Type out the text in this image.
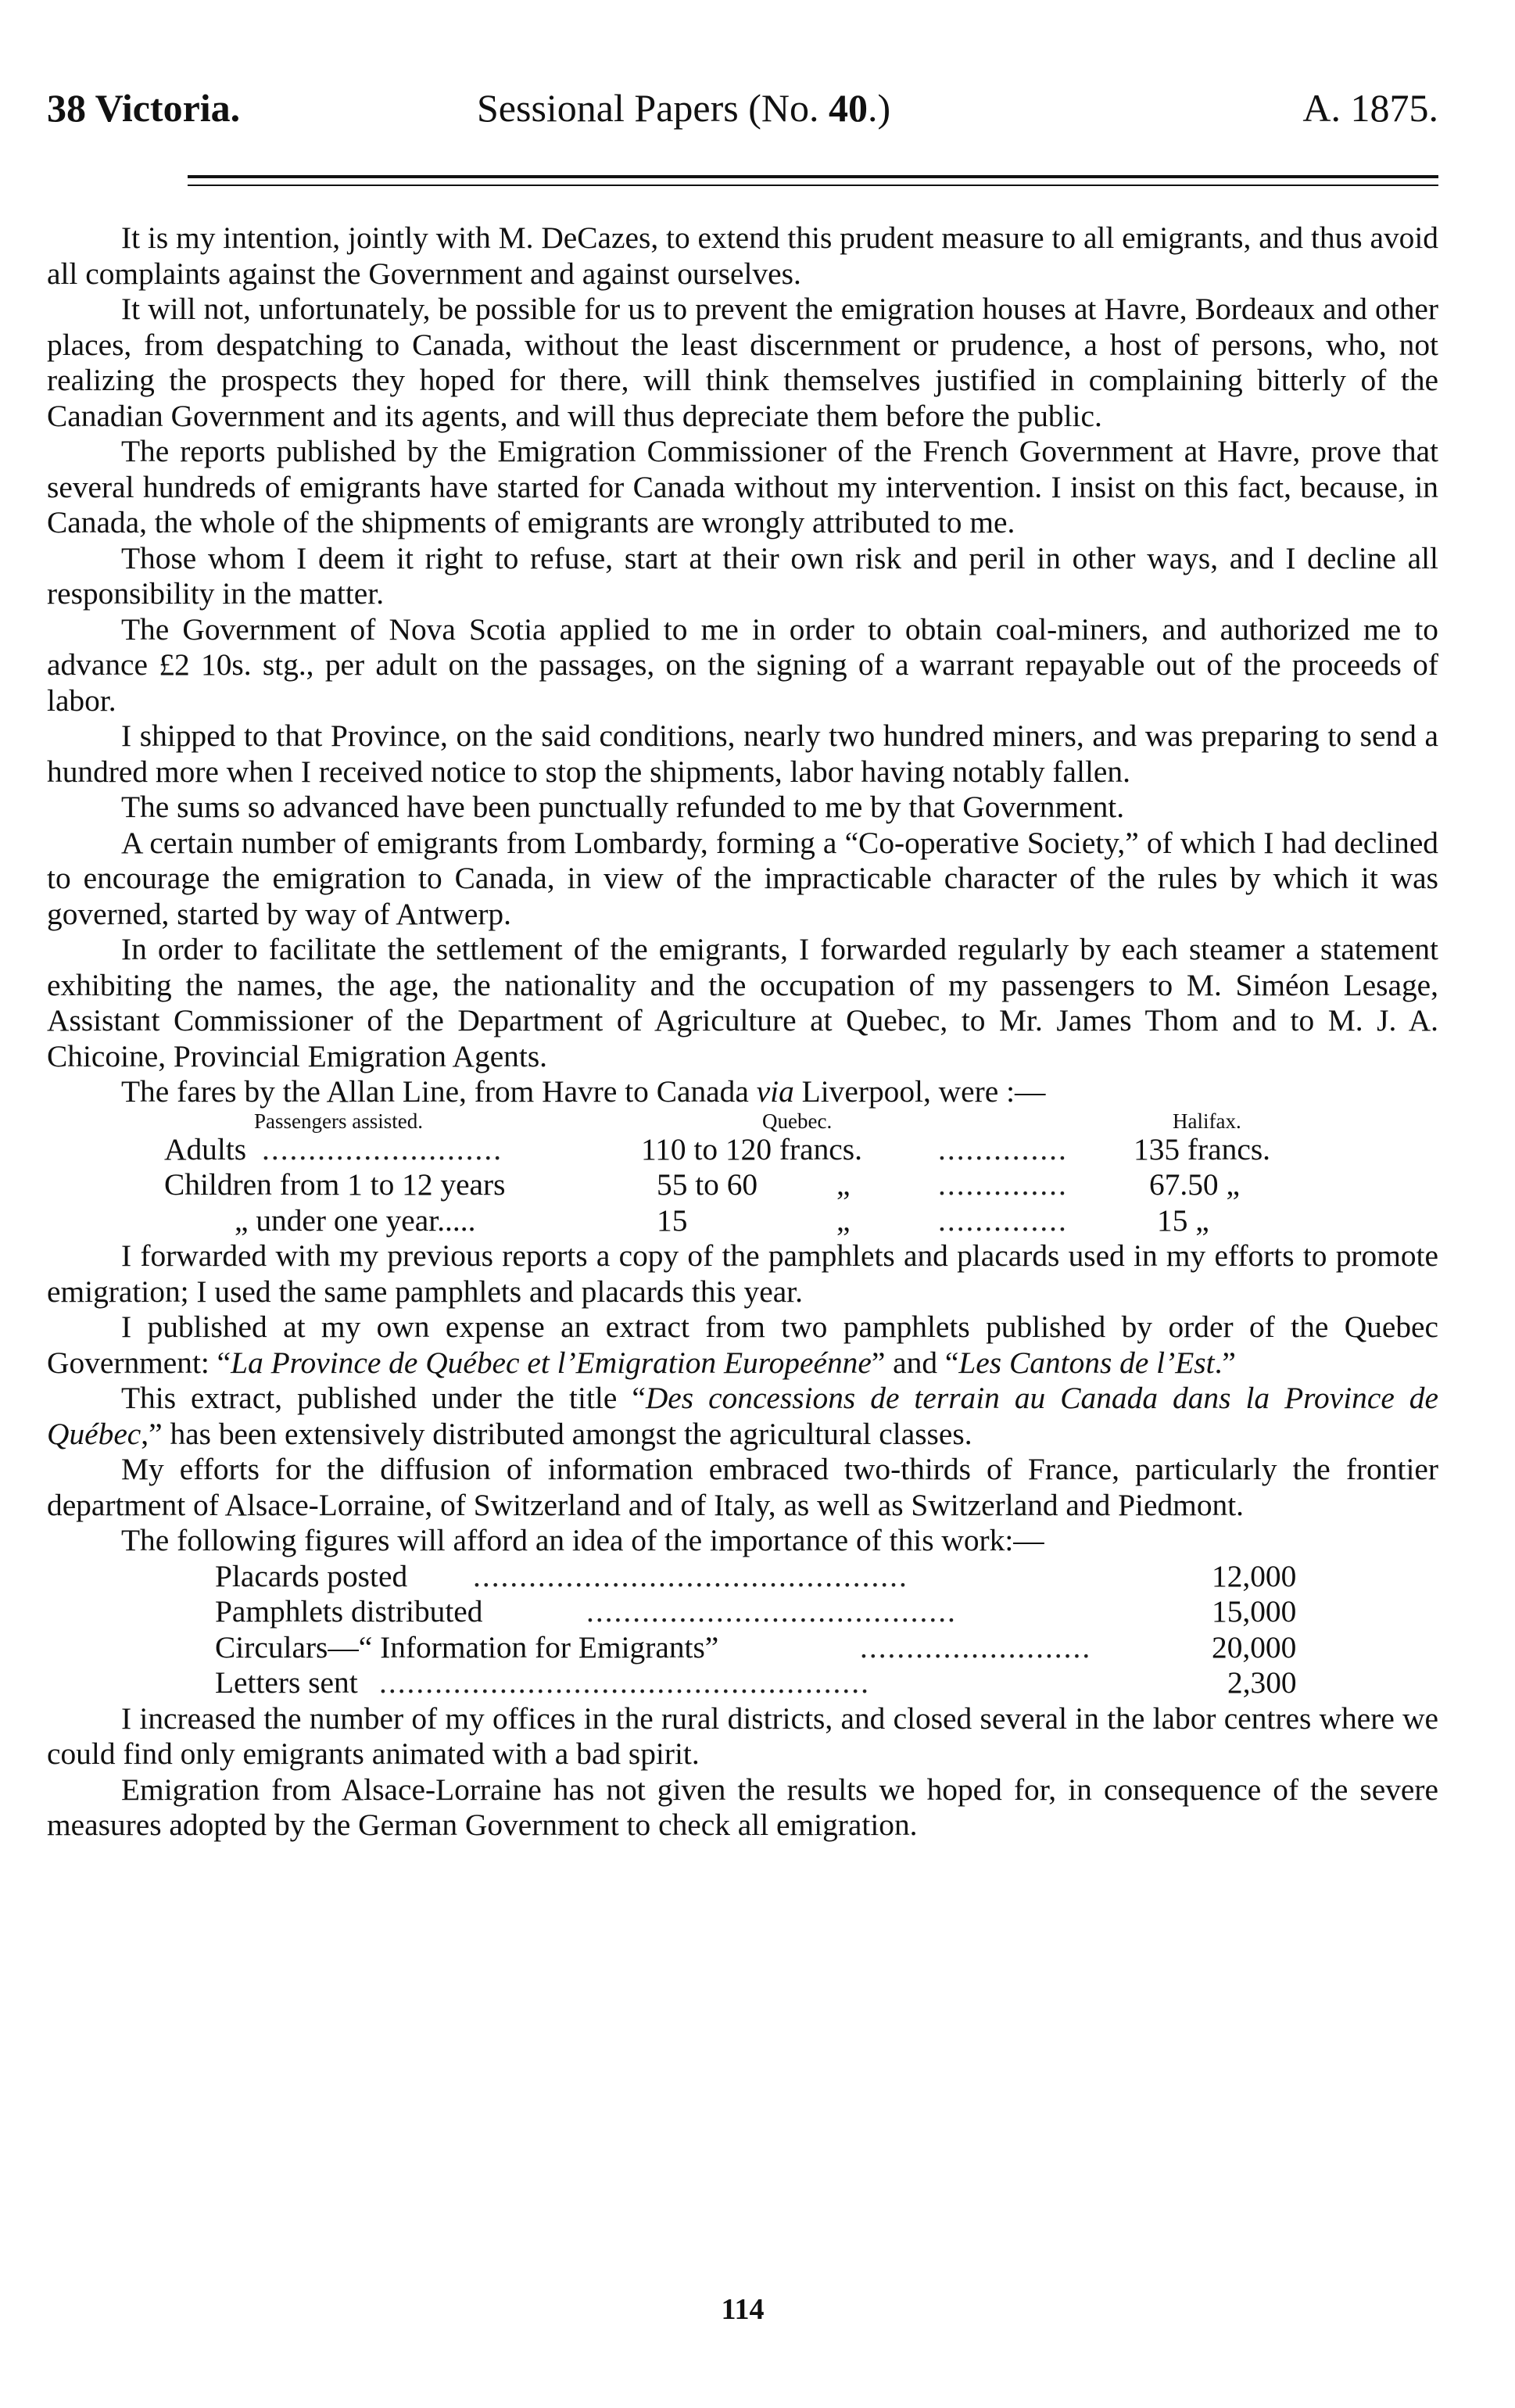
38 Victoria.	Sessional Papers (No. 40.)	A. 1875.

It is my intention, jointly with M. DeCazes, to extend this prudent measure to all emigrants, and thus avoid all complaints against the Government and against ourselves.

It will not, unfortunately, be possible for us to prevent the emigration houses at Havre, Bordeaux and other places, from despatching to Canada, without the least discernment or prudence, a host of persons, who, not realizing the prospects they hoped for there, will think themselves justified in complaining bitterly of the Canadian Government and its agents, and will thus depreciate them before the public.

The reports published by the Emigration Commissioner of the French Government at Havre, prove that several hundreds of emigrants have started for Canada without my intervention. I insist on this fact, because, in Canada, the whole of the shipments of emigrants are wrongly attributed to me.

Those whom I deem it right to refuse, start at their own risk and peril in other ways, and I decline all responsibility in the matter.

The Government of Nova Scotia applied to me in order to obtain coal-miners, and authorized me to advance £2 10s. stg., per adult on the passages, on the signing of a warrant repayable out of the proceeds of labor.

I shipped to that Province, on the said conditions, nearly two hundred miners, and was preparing to send a hundred more when I received notice to stop the shipments, labor having notably fallen.

The sums so advanced have been punctually refunded to me by that Government.

A certain number of emigrants from Lombardy, forming a “Co-operative Society,” of which I had declined to encourage the emigration to Canada, in view of the impracticable character of the rules by which it was governed, started by way of Antwerp.

In order to facilitate the settlement of the emigrants, I forwarded regularly by each steamer a statement exhibiting the names, the age, the nationality and the occupation of my passengers to M. Siméon Lesage, Assistant Commissioner of the Department of Agriculture at Quebec, to Mr. James Thom and to M. J. A. Chicoine, Provincial Emigration Agents.

The fares by the Allan Line, from Havre to Canada via Liverpool, were :—

Passengers assisted.	Quebec.	Halifax.
Adults ..........................	110 to 120 francs. .............. 135 francs.
Children from 1 to 12 years	55 to 60	„	..............	67.50 „
„ under one year.....	15	„	..............	15 „

I forwarded with my previous reports a copy of the pamphlets and placards used in my efforts to promote emigration; I used the same pamphlets and placards this year.

I published at my own expense an extract from two pamphlets published by order of the Quebec Government: “La Province de Québec et l’Emigration Europeénne” and “Les Cantons de l’Est.”

This extract, published under the title “Des concessions de terrain au Canada dans la Province de Québec,” has been extensively distributed amongst the agricultural classes.

My efforts for the diffusion of information embraced two-thirds of France, particularly the frontier department of Alsace-Lorraine, of Switzerland and of Italy, as well as Switzerland and Piedmont.

The following figures will afford an idea of the importance of this work:—

Placards posted ...............................................	12,000
Pamphlets distributed	........................................	15,000
Circulars—“ Information for Emigrants”	.........................	20,000
Letters sent .....................................................	2,300

I increased the number of my offices in the rural districts, and closed several in the labor centres where we could find only emigrants animated with a bad spirit.

Emigration from Alsace-Lorraine has not given the results we hoped for, in consequence of the severe measures adopted by the German Government to check all emigration.

114
